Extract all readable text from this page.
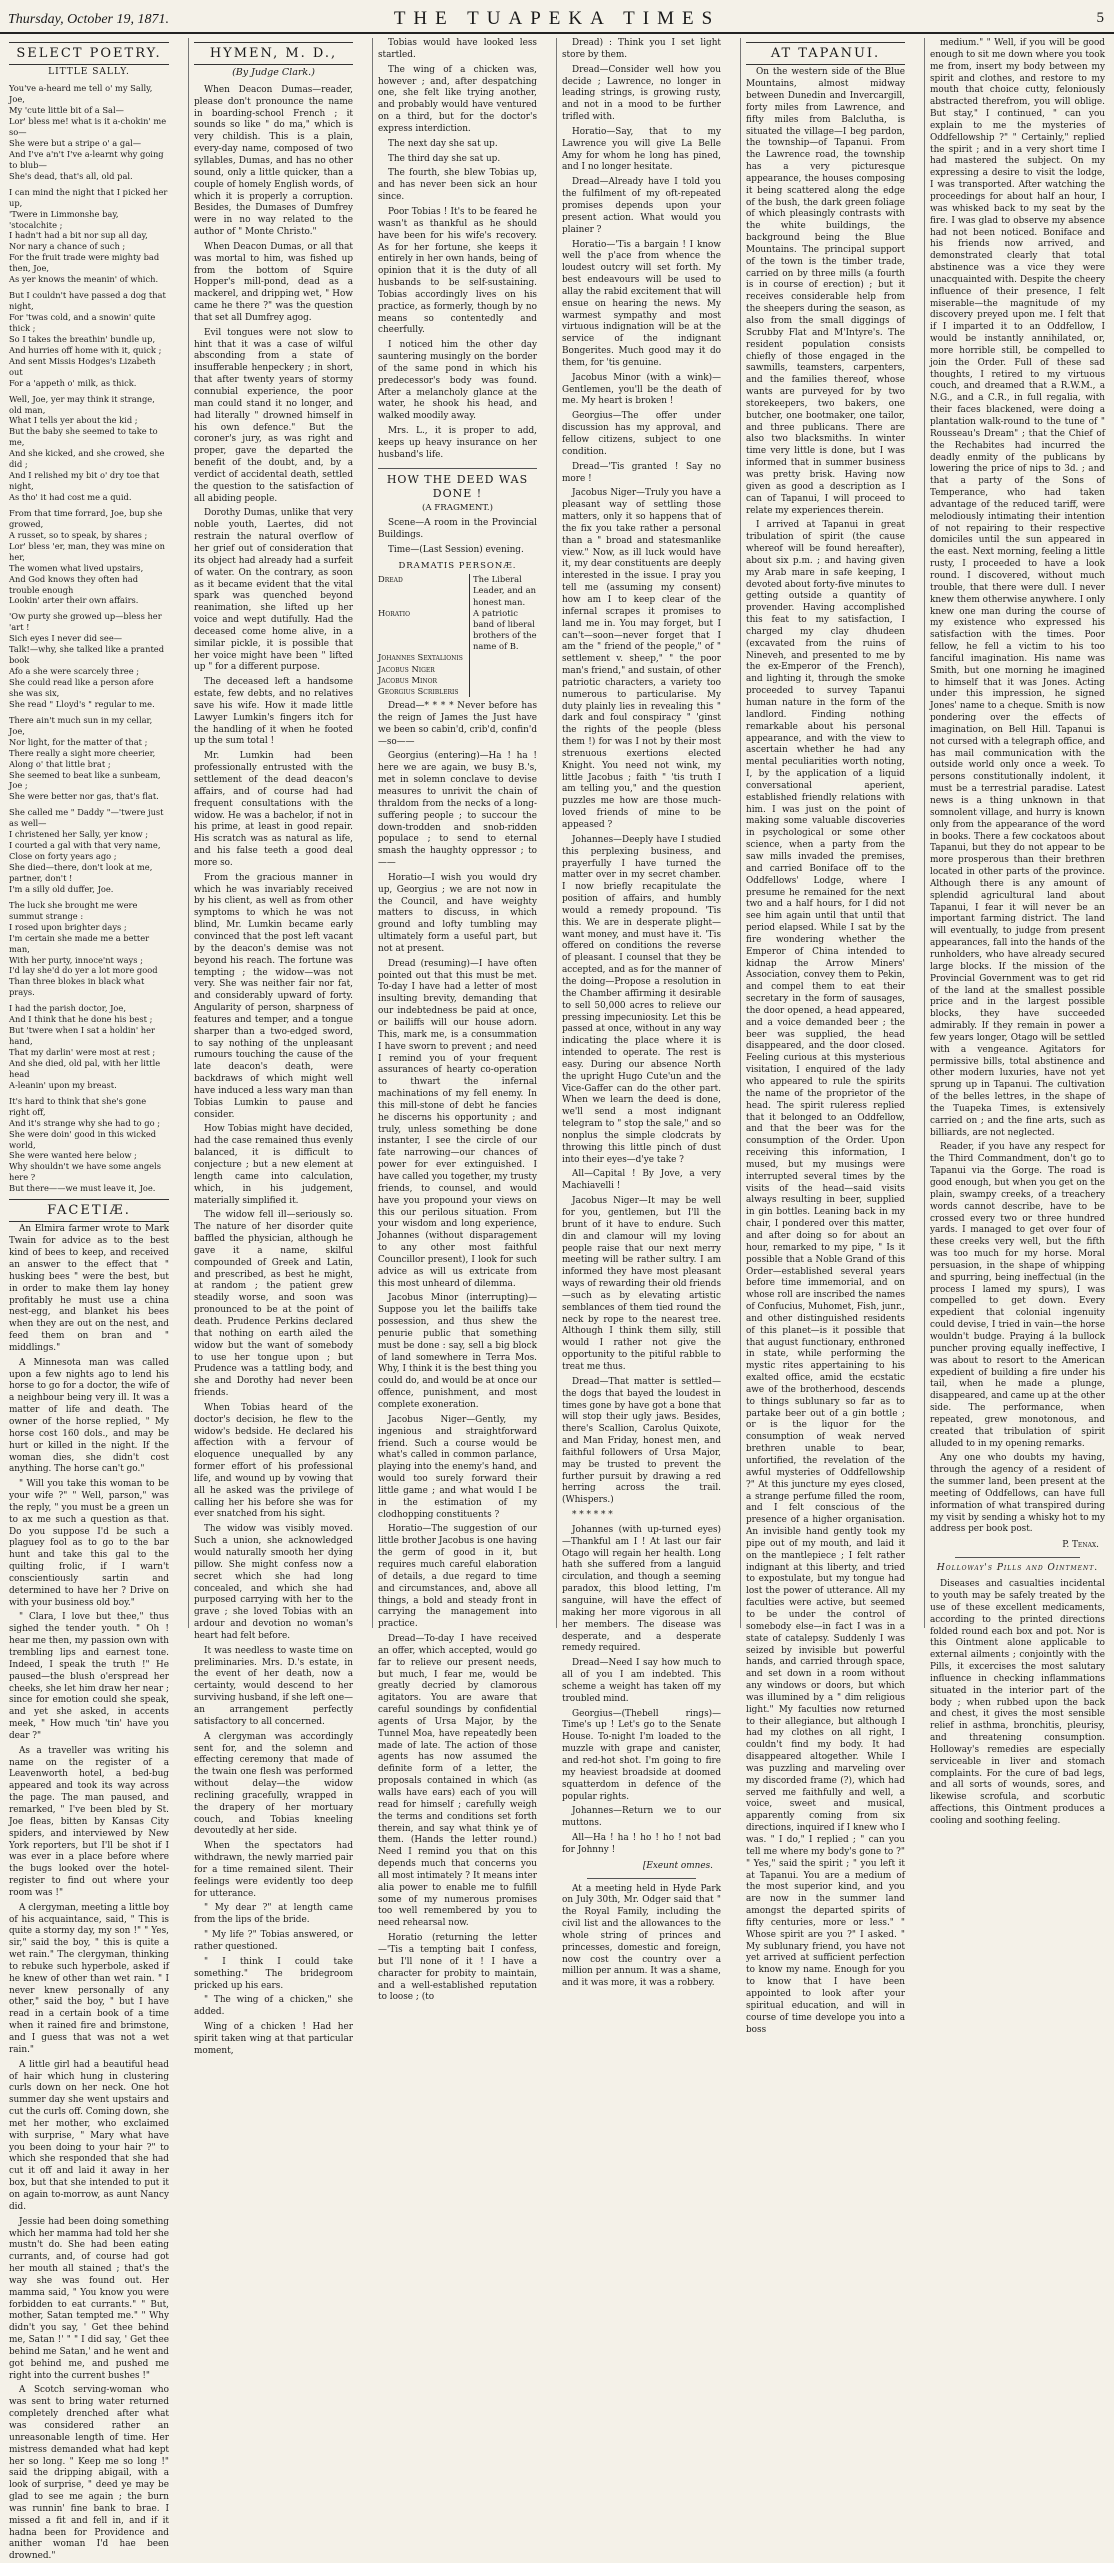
Thursday, October 19, 1871.	THE TUAPEKA TIMES	5
SELECT POETRY.
LITTLE SALLY.
You've a-heard me tell o' my Sally, Joe,
My 'cute little bit of a Sal—
Lor' bless me! what is it a-chokin' me so—
She were but a stripe o' a gal—
And I've a'n't I've a-learnt why going to blub—
She's dead, that's all, old pal.
I can mind the night that I picked her up,
'Twere in Limmonshe bay, 'stocalchite ;
I hadn't had a bit nor sup all day,
Nor nary a chance of such ;
For the fruit trade were mighty bad then, Joe,
As yer knows the meanin' of which.
But I couldn't have passed a dog that night,
For 'twas cold, and a snowin' quite thick ;
So I takes the breathin' bundle up,
And hurries off home with it, quick ;
And sent Missis Hodges's Lizabeth out
For a 'appeth o' milk, as thick.
Well, Joe, yer may think it strange, old man,
What I tells yer about the kid ;
But the baby she seemed to take to me,
And she kicked, and she crowed, she did ;
And I relished my bit o' dry toe that night,
As tho' it had cost me a quid.
From that time forrard, Joe, bup she growed,
A russet, so to speak, by shares ;
Lor' bless 'er, man, they was mine on her,
The women what lived upstairs,
And God knows they often had trouble enough
Lookin' arter their own affairs.
'Ow purty she growed up—bless her 'art !
Sich eyes I never did see—
Talk!—why, she talked like a pranted book
Afo a she were scarcely three ;
She could read like a person afore she was six,
She read " Lloyd's " regular to me.
There ain't much sun in my cellar, Joe,
Nor light, for the matter of that ;
There really a sight more cheerier,
Along o' that little brat ;
She seemed to beat like a sunbeam, Joe ;
She were better nor gas, that's flat.
She called me " Daddy "—'twere just as well—
I christened her Sally, yer know ;
I courted a gal with that very name,
Close on forty years ago ;
She died—there, don't look at me, partner, don't !
I'm a silly old duffer, Joe.
The luck she brought me were summut strange :
I rosed upon brighter days ;
I'm certain she made me a better man,
With her purty, innoce'nt ways ;
I'd lay she'd do yer a lot more good
Than three blokes in black what prays.
I had the parish doctor, Joe,
And I think that he done his best ;
But 'twere when I sat a holdin' her hand,
That my darlin' were most at rest ;
And she died, old pal, with her little head
A-leanin' upon my breast.
It's hard to think that she's gone right off,
And it's strange why she had to go ;
She were doin' good in this wicked world,
She were wanted here below ;
Why shouldn't we have some angels here ?
But there——we must leave it, Joe.
FACETIÆ.

An Elmira farmer wrote to Mark Twain for advice as to the best kind of bees to keep, and received an answer to the effect that " husking bees " were the best, but in order to make them lay honey profitably he must use a china nest-egg, and blanket his bees when they are out on the nest, and feed them on bran and " middlings."

A Minnesota man was called upon a few nights ago to lend his horse to go for a doctor, the wife of a neighbour being very ill. It was a matter of life and death. The owner of the horse replied, " My horse cost 160 dols., and may be hurt or killed in the night. If the woman dies, she didn't cost anything. The horse can't go."

" Will you take this woman to be your wife ?" " Well, parson," was the reply, " you must be a green un to ax me such a question as that. Do you suppose I'd be such a plaguey fool as to go to the bar hunt and take this gal to the quilting frolic, if I warn't conscientiously sartin and determined to have her ? Drive on with your business old boy."

" Clara, I love but thee," thus sighed the tender youth. " Oh ! hear me then, my passion own with trembling lips and earnest tone. Indeed, I speak the truth !" He paused—the blush o'erspread her cheeks, she let him draw her near ; since for emotion could she speak, and yet she asked, in accents meek, " How much 'tin' have you dear ?"

As a traveller was writing his name on the register of a Leavenworth hotel, a bed-bug appeared and took its way across the page. The man paused, and remarked, " I've been bled by St. Joe fleas, bitten by Kansas City spiders, and interviewed by New York reporters, but I'll be shot if I was ever in a place before where the bugs looked over the hotel-register to find out where your room was !"

A clergyman, meeting a little boy of his acquaintance, said, " This is quite a stormy day, my son !" " Yes, sir," said the boy, " this is quite a wet rain." The clergyman, thinking to rebuke such hyperbole, asked if he knew of other than wet rain. " I never knew personally of any other," said the boy, " but I have read in a certain book of a time when it rained fire and brimstone, and I guess that was not a wet rain."

A little girl had a beautiful head of hair which hung in clustering curls down on her neck. One hot summer day she went upstairs and cut the curls off. Coming down, she met her mother, who exclaimed with surprise, " Mary what have you been doing to your hair ?" to which she responded that she had cut it off and laid it away in her box, but that she intended to put it on again to-morrow, as aunt Nancy did.

Jessie had been doing something which her mamma had told her she mustn't do. She had been eating currants, and, of course had got her mouth all stained ; that's the way she was found out. Her mamma said, " You know you were forbidden to eat currants." " But, mother, Satan tempted me." " Why didn't you say, ' Get thee behind me, Satan !' " " I did say, ' Get thee behind me Satan,' and he went and got behind me, and pushed me right into the current bushes !"

A Scotch serving-woman who was sent to bring water returned completely drenched after what was considered rather an unreasonable length of time. Her mistress demanded what had kept her so long. " Keep me so long !" said the dripping abigail, with a look of surprise, " deed ye may be glad to see me again ; the burn was runnin' fine bank to brae. I missed a fit and fell in, and if it hadna been for Providence and anither woman I'd hae been drowned."

HYMEN, M. D.,
(By Judge Clark.)

When Deacon Dumas—reader, please don't pronounce the name in boarding-school French ; it sounds so like " do ma," which is very childish. This is a plain, every-day name, composed of two syllables, Dumas, and has no other sound, only a little quicker, than a couple of homely English words, of which it is properly a corruption. Besides, the Dumases of Dumfrey were in no way related to the author of " Monte Christo."

When Deacon Dumas, or all that was mortal to him, was fished up from the bottom of Squire Hopper's mill-pond, dead as a mackerel, and dripping wet, " How came he there ?" was the question that set all Dumfrey agog.

Evil tongues were not slow to hint that it was a case of wilful absconding from a state of insufferable henpeckery ; in short, that after twenty years of stormy connubial experience, the poor man could stand it no longer, and had literally " drowned himself in his own defence." But the coroner's jury, as was right and proper, gave the departed the benefit of the doubt, and, by a verdict of accidental death, settled the question to the satisfaction of all abiding people.

Dorothy Dumas, unlike that very noble youth, Laertes, did not restrain the natural overflow of her grief out of consideration that its object had already had a surfeit of water. On the contrary, as soon as it became evident that the vital spark was quenched beyond reanimation, she lifted up her voice and wept dutifully. Had the deceased come home alive, in a similar pickle, it is possible that her voice might have been " lifted up " for a different purpose.

The deceased left a handsome estate, few debts, and no relatives save his wife. How it made little Lawyer Lumkin's fingers itch for the handling of it when he footed up the sum total !

Mr. Lumkin had been professionally entrusted with the settlement of the dead deacon's affairs, and of course had had frequent consultations with the widow. He was a bachelor, if not in his prime, at least in good repair. His scratch was as natural as life, and his false teeth a good deal more so.

From the gracious manner in which he was invariably received by his client, as well as from other symptoms to which he was not blind, Mr. Lumkin became early convinced that the post left vacant by the deacon's demise was not beyond his reach. The fortune was tempting ; the widow—was not very. She was neither fair nor fat, and considerably upward of forty. Angularity of person, sharpness of features and temper, and a tongue sharper than a two-edged sword, to say nothing of the unpleasant rumours touching the cause of the late deacon's death, were backdraws of which might well have induced a less wary man than Tobias Lumkin to pause and consider.

How Tobias might have decided, had the case remained thus evenly balanced, it is difficult to conjecture ; but a new element at length came into calculation, which, in his judgement, materially simplified it.

The widow fell ill—seriously so. The nature of her disorder quite baffled the physician, although he gave it a name, skilful compounded of Greek and Latin, and prescribed, as best he might, at random ; the patient grew steadily worse, and soon was pronounced to be at the point of death. Prudence Perkins declared that nothing on earth ailed the widow but the want of somebody to use her tongue upon ; but Prudence was a tattling body, and she and Dorothy had never been friends.

When Tobias heard of the doctor's decision, he flew to the widow's bedside. He declared his affection with a fervour of eloquence unequalled by any former effort of his professional life, and wound up by vowing that all he asked was the privilege of calling her his before she was for ever snatched from his sight.

The widow was visibly moved. Such a union, she acknowledged would naturally smooth her dying pillow. She might confess now a secret which she had long concealed, and which she had purposed carrying with her to the grave ; she loved Tobias with an ardour and devotion no woman's heart had felt before.

It was needless to waste time on preliminaries. Mrs. D.'s estate, in the event of her death, now a certainty, would descend to her surviving husband, if she left one—an arrangement perfectly satisfactory to all concerned.

A clergyman was accordingly sent for, and the solemn and effecting ceremony that made of the twain one flesh was performed without delay—the widow reclining gracefully, wrapped in the drapery of her mortuary couch, and Tobias kneeling devoutedly at her side.

When the spectators had withdrawn, the newly married pair for a time remained silent. Their feelings were evidently too deep for utterance.

" My dear ?" at length came from the lips of the bride.

" My life ?" Tobias answered, or rather questioned.

" I think I could take something." The bridegroom pricked up his ears.

" The wing of a chicken," she added.

Wing of a chicken ! Had her spirit taken wing at that particular moment,

Tobias would have looked less startled.

The wing of a chicken was, however ; and, after despatching one, she felt like trying another, and probably would have ventured on a third, but for the doctor's express interdiction.

The next day she sat up.

The third day she sat up.

The fourth, she blew Tobias up, and has never been sick an hour since.

Poor Tobias ! It's to be feared he wasn't as thankful as he should have been for his wife's recovery. As for her fortune, she keeps it entirely in her own hands, being of opinion that it is the duty of all husbands to be self-sustaining. Tobias accordingly lives on his practice, as formerly, though by no means so contentedly and cheerfully.

I noticed him the other day sauntering musingly on the border of the same pond in which his predecessor's body was found. After a melancholy glance at the water, he shook his head, and walked moodily away.

Mrs. L., it is proper to add, keeps up heavy insurance on her husband's life.

HOW THE DEED WAS DONE !
(A FRAGMENT.)

Scene—A room in the Provincial Buildings.

Time—(Last Session) evening.

DRAMATIS PERSONÆ.
Dread	The Liberal Leader, and an honest man.
Horatio	A patriotic band of liberal brothers of the name of B.
Johannes Sextalionis	
Jacobus Niger	
Jacobus Minor	
Georgius Scribleris	

Dread—* * * * Never before has the reign of James the Just have we been so cabin'd, crib'd, confin'd—so——

Georgius (entering)—Ha ! ha ! here we are again, we busy B.'s, met in solemn conclave to devise measures to unrivit the chain of thraldom from the necks of a long-suffering people ; to succour the down-trodden and snob-ridden populace ; to send to eternal smash the haughty oppressor ; to——

Horatio—I wish you would dry up, Georgius ; we are not now in the Council, and have weighty matters to discuss, in which ground and lofty tumbling may ultimately form a useful part, but not at present.

Dread (resuming)—I have often pointed out that this must be met. To-day I have had a letter of most insulting brevity, demanding that our indebtedness be paid at once, or bailiffs will our house adorn. This, mark me, is a consummation I have sworn to prevent ; and need I remind you of your frequent assurances of hearty co-operation to thwart the infernal machinations of my fell enemy. In this mill-stone of debt he fancies he discerns his opportunity ; and truly, unless something be done instanter, I see the circle of our fate narrowing—our chances of power for ever extinguished. I have called you together, my trusty friends, to counsel, and would have you propound your views on this our perilous situation. From your wisdom and long experience, Johannes (without disparagement to any other most faithful Councillor present), I look for such advice as will us extricate from this most unheard of dilemma.

Jacobus Minor (interrupting)—Suppose you let the bailiffs take possession, and thus shew the penurie public that something must be done : say, sell a big block of land somewhere in Terra Mos. Why, I think it is the best thing you could do, and would be at once our offence, punishment, and most complete exoneration.

Jacobus Niger—Gently, my ingenious and straightforward friend. Such a course would be what's called in common parlance, playing into the enemy's hand, and would too surely forward their little game ; and what would I be in the estimation of my clodhopping constituents ?

Horatio—The suggestion of our little brother Jacobus is one having the germ of good in it, but requires much careful elaboration of details, a due regard to time and circumstances, and, above all things, a bold and steady front in carrying the management into practice.

Dread—To-day I have received an offer, which accepted, would go far to relieve our present needs, but much, I fear me, would be greatly decried by clamorous agitators. You are aware that careful soundings by confidential agents of Ursa Major, by the Tunnel Moa, have repeatedly been made of late. The action of those agents has now assumed the definite form of a letter, the proposals contained in which (as walls have ears) each of you will read for himself ; carefully weigh the terms and conditions set forth therein, and say what think ye of them. (Hands the letter round.) Need I remind you that on this depends much that concerns you all most intimately ? It means inter alia power to enable me to fulfill some of my numerous promises too well remembered by you to need rehearsal now.

Horatio (returning the letter—'Tis a tempting bait I confess, but I'll none of it ! I have a character for probity to maintain, and a well-established reputation to loose ; (to

Dread) : Think you I set light store by them.

Dread—Consider well how you decide ; Lawrence, no longer in leading strings, is growing rusty, and not in a mood to be further trifled with.

Horatio—Say, that to my Lawrence you will give La Belle Amy for whom he long has pined, and I no longer hesitate.

Dread—Already have I told you the fulfilment of my oft-repeated promises depends upon your present action. What would you plainer ?

Horatio—'Tis a bargain ! I know well the p'ace from whence the loudest outcry will set forth. My best endeavours will be used to allay the rabid excitement that will ensue on hearing the news. My warmest sympathy and most virtuous indignation will be at the service of the indignant Bongerites. Much good may it do them, for 'tis genuine.

Jacobus Minor (with a wink)—Gentlemen, you'll be the death of me. My heart is broken !

Georgius—The offer under discussion has my approval, and fellow citizens, subject to one condition.

Dread—'Tis granted ! Say no more !

Jacobus Niger—Truly you have a pleasant way of settling those matters, only it so happens that of the fix you take rather a personal than a " broad and statesmanlike view." Now, as ill luck would have it, my dear constituents are deeply interested in the issue. I pray you tell me (assuming my consent) how am I to keep clear of the infernal scrapes it promises to land me in. You may forget, but I can't—soon—never forget that I am the " friend of the people," of " settlement v. sheep," " the poor man's friend," and sustain, of other patriotic characters, a variety too numerous to particularise. My duty plainly lies in revealing this " dark and foul conspiracy " 'ginst the rights of the people (bless them !) for was I not by their most strenuous exertions elected Knight. You need not wink, my little Jacobus ; faith " 'tis truth I am telling you," and the question puzzles me how are those much-loved friends of mine to be appeased ?

Johannes—Deeply have I studied this perplexing business, and prayerfully I have turned the matter over in my secret chamber. I now briefly recapitulate the position of affairs, and humbly would a remedy propound. 'Tis this. We are in desperate plight—want money, and must have it. 'Tis offered on conditions the reverse of pleasant. I counsel that they be accepted, and as for the manner of the doing—Propose a resolution in the Chamber affirming it desirable to sell 50,000 acres to relieve our pressing impecuniosity. Let this be passed at once, without in any way indicating the place where it is intended to operate. The rest is easy. During our absence North the upright Hugo Cute'un and the Vice-Gaffer can do the other part. When we learn the deed is done, we'll send a most indignant telegram to " stop the sale," and so nonplus the simple clodcrats by throwing this little pinch of dust into their eyes—d'ye take ?

All—Capital ! By Jove, a very Machiavelli !

Jacobus Niger—It may be well for you, gentlemen, but I'll the brunt of it have to endure. Such din and clamour will my loving people raise that our next merry meeting will be rather sultry. I am informed they have most pleasant ways of rewarding their old friends—such as by elevating artistic semblances of them tied round the neck by rope to the nearest tree. Although I think them silly, still would I rather not give the opportunity to the pitiful rabble to treat me thus.

Dread—That matter is settled—the dogs that bayed the loudest in times gone by have got a bone that will stop their ugly jaws. Besides, there's Scallion, Carolus Quixote, and Man Friday, honest men, and faithful followers of Ursa Major, may be trusted to prevent the further pursuit by drawing a red herring across the trail. (Whispers.)

* * * * * *

Johannes (with up-turned eyes)—Thankful am I ! At last our fair Otago will regain her health. Long hath she suffered from a languid circulation, and though a seeming paradox, this blood letting, I'm sanguine, will have the effect of making her more vigorous in all her members. The disease was desperate, and a desperate remedy required.

Dread—Need I say how much to all of you I am indebted. This scheme a weight has taken off my troubled mind.

Georgius—(Thebell rings)—Time's up ! Let's go to the Senate House. To-night I'm loaded to the muzzle with grape and canister, and red-hot shot. I'm going to fire my heaviest broadside at doomed squatterdom in defence of the popular rights.

Johannes—Return we to our muttons.

All—Ha ! ha ! ho ! ho ! not bad for Johnny !

[Exeunt omnes.

At a meeting held in Hyde Park on July 30th, Mr. Odger said that " the Royal Family, including the civil list and the allowances to the whole string of princes and princesses, domestic and foreign, now cost the country over a million per annum. It was a shame, and it was more, it was a robbery.

AT TAPANUI.

On the western side of the Blue Mountains, almost midway between Dunedin and Invercargill, forty miles from Lawrence, and fifty miles from Balclutha, is situated the village—I beg pardon, the township—of Tapanui. From the Lawrence road, the township has a very picturesque appearance, the houses composing it being scattered along the edge of the bush, the dark green foliage of which pleasingly contrasts with the white buildings, the background being the Blue Mountains. The principal support of the town is the timber trade, carried on by three mills (a fourth is in course of erection) ; but it receives considerable help from the sheepers during the season, as also from the small diggings of Scrubby Flat and M'Intyre's. The resident population consists chiefly of those engaged in the sawmills, teamsters, carpenters, and the families thereof, whose wants are purveyed for by two storekeepers, two bakers, one butcher, one bootmaker, one tailor, and three publicans. There are also two blacksmiths. In winter time very little is done, but I was informed that in summer business was pretty brisk. Having now given as good a description as I can of Tapanui, I will proceed to relate my experiences therein.

I arrived at Tapanui in great tribulation of spirit (the cause whereof will be found hereafter), about six p.m. ; and having given my Arab mare in safe keeping, I devoted about forty-five minutes to getting outside a quantity of provender. Having accomplished this feat to my satisfaction, I charged my clay dhudeen (excavated from the ruins of Nineveh, and presented to me by the ex-Emperor of the French), and lighting it, through the smoke proceeded to survey Tapanui human nature in the form of the landlord. Finding nothing remarkable about his personal appearance, and with the view to ascertain whether he had any mental peculiarities worth noting, I, by the application of a liquid conversational aperient, established friendly relations with him. I was just on the point of making some valuable discoveries in psychological or some other science, when a party from the saw mills invaded the premises, and carried Boniface off to the Oddfellows' Lodge, where I presume he remained for the next two and a half hours, for I did not see him again until that until that period elapsed. While I sat by the fire wondering whether the Emperor of China intended to kidnap the Arrow Miners' Association, convey them to Pekin, and compel them to eat their secretary in the form of sausages, the door opened, a head appeared, and a voice demanded beer ; the beer was supplied, the head disappeared, and the door closed. Feeling curious at this mysterious visitation, I enquired of the lady who appeared to rule the spirits the name of the proprietor of the head. The spirit ruleress replied that it belonged to an Oddfellow, and that the beer was for the consumption of the Order. Upon receiving this information, I mused, but my musings were interrupted several times by the visits of the head—said visits always resulting in beer, supplied in gin bottles. Leaning back in my chair, I pondered over this matter, and after doing so for about an hour, remarked to my pipe, " Is it possible that a Noble Grand of this Order—established several years before time immemorial, and on whose roll are inscribed the names of Confucius, Muhomet, Fish, junr., and other distinguished residents of this planet—is it possible that that august functionary, enthroned in state, while performing the mystic rites appertaining to his exalted office, amid the ecstatic awe of the brotherhood, descends to things sublunary so far as to partake beer out of a gin bottle ; or is the liquor for the consumption of weak nerved brethren unable to bear, unfortified, the revelation of the awful mysteries of Oddfellowship ?" At this juncture my eyes closed, a strange perfume filled the room, and I felt conscious of the presence of a higher organisation. An invisible hand gently took my pipe out of my mouth, and laid it on the mantlepiece ; I felt rather indignant at this liberty, and tried to expostulate, but my tongue had lost the power of utterance. All my faculties were active, but seemed to be under the control of somebody else—in fact I was in a state of catalepsy. Suddenly I was seized by invisible but powerful hands, and carried through space, and set down in a room without any windows or doors, but which was illumined by a " dim religious light." My faculties now returned to their allegiance, but although I had my clothes on all right, I couldn't find my body. It had disappeared altogether. While I was puzzling and marveling over my discorded frame (?), which had served me faithfully and well, a voice, sweet and musical, apparently coming from six directions, inquired if I knew who I was. " I do," I replied ; " can you tell me where my body's gone to ?" " Yes," said the spirit ; " you left it at Tapanui. You are a medium of the most superior kind, and you are now in the summer land amongst the departed spirits of fifty centuries, more or less." " Whose spirit are you ?" I asked. " My sublunary friend, you have not yet arrived at sufficient perfection to know my name. Enough for you to know that I have been appointed to look after your spiritual education, and will in course of time develope you into a boss

medium." " Well, if you will be good enough to sit me down where you took me from, insert my body between my spirit and clothes, and restore to my mouth that choice cutty, feloniously abstracted therefrom, you will oblige. But stay," I continued, " can you explain to me the mysteries of Oddfellowship ?" " Certainly," replied the spirit ; and in a very short time I had mastered the subject. On my expressing a desire to visit the lodge, I was transported. After watching the proceedings for about half an hour, I was whisked back to my seat by the fire. I was glad to observe my absence had not been noticed. Boniface and his friends now arrived, and demonstrated clearly that total abstinence was a vice they were unacquainted with. Despite the cheery influence of their presence, I felt miserable—the magnitude of my discovery preyed upon me. I felt that if I imparted it to an Oddfellow, I would be instantly annihilated, or, more horrible still, be compelled to join the Order. Full of these sad thoughts, I retired to my virtuous couch, and dreamed that a R.W.M., a N.G., and a C.R., in full regalia, with their faces blackened, were doing a plantation walk-round to the tune of " Rousseau's Dream" ; that the Chief of the Rechabites had incurred the deadly enmity of the publicans by lowering the price of nips to 3d. ; and that a party of the Sons of Temperance, who had taken advantage of the reduced tariff, were melodiously intimating their intention of not repairing to their respective domiciles until the sun appeared in the east. Next morning, feeling a little rusty, I proceeded to have a look round. I discovered, without much trouble, that there were dull. I never knew them otherwise anywhere. I only knew one man during the course of my existence who expressed his satisfaction with the times. Poor fellow, he fell a victim to his too fanciful imagination. His name was Smith, but one morning he imagined to himself that it was Jones. Acting under this impression, he signed Jones' name to a cheque. Smith is now pondering over the effects of imagination, on Bell Hill. Tapanui is not cursed with a telegraph office, and has mail communication with the outside world only once a week. To persons constitutionally indolent, it must be a terrestrial paradise. Latest news is a thing unknown in that somnolent village, and hurry is known only from the appearance of the word in books. There a few cockatoos about Tapanui, but they do not appear to be more prosperous than their brethren located in other parts of the province. Although there is any amount of splendid agricultural land about Tapanui, I fear it will never be an important farming district. The land will eventually, to judge from present appearances, fall into the hands of the runholders, who have already secured large blocks. If the mission of the Provincial Government was to get rid of the land at the smallest possible price and in the largest possible blocks, they have succeeded admirably. If they remain in power a few years longer, Otago will be settled with a vengeance. Agitators for permissive bills, total abstinence and other modern luxuries, have not yet sprung up in Tapanui. The cultivation of the belles lettres, in the shape of the Tuapeka Times, is extensively carried on ; and the fine arts, such as billiards, are not neglected.

Reader, if you have any respect for the Third Commandment, don't go to Tapanui via the Gorge. The road is good enough, but when you get on the plain, swampy creeks, of a treachery words cannot describe, have to be crossed every two or three hundred yards. I managed to get over four of these creeks very well, but the fifth was too much for my horse. Moral persuasion, in the shape of whipping and spurring, being ineffectual (in the process I lamed my spurs), I was compelled to get down. Every expedient that colonial ingenuity could devise, I tried in vain—the horse wouldn't budge. Praying á la bullock puncher proving equally ineffective, I was about to resort to the American expedient of building a fire under his tail, when he made a plunge, disappeared, and came up at the other side. The performance, when repeated, grew monotonous, and created that tribulation of spirit alluded to in my opening remarks.

Any one who doubts my having, through the agency of a resident of the summer land, been present at the meeting of Oddfellows, can have full information of what transpired during my visit by sending a whisky hot to my address per book post.

P. Tenax.
Holloway's Pills and Ointment.

Diseases and casualties incidental to youth may be safely treated by the use of these excellent medicaments, according to the printed directions folded round each box and pot. Nor is this Ointment alone applicable to external ailments ; conjointly with the Pills, it excercises the most salutary influence in checking inflammations situated in the interior part of the body ; when rubbed upon the back and chest, it gives the most sensible relief in asthma, bronchitis, pleurisy, and threatening consumption. Holloway's remedies are especially serviceable in liver and stomach complaints. For the cure of bad legs, and all sorts of wounds, sores, and likewise scrofula, and scorbutic affections, this Ointment produces a cooling and soothing feeling.
